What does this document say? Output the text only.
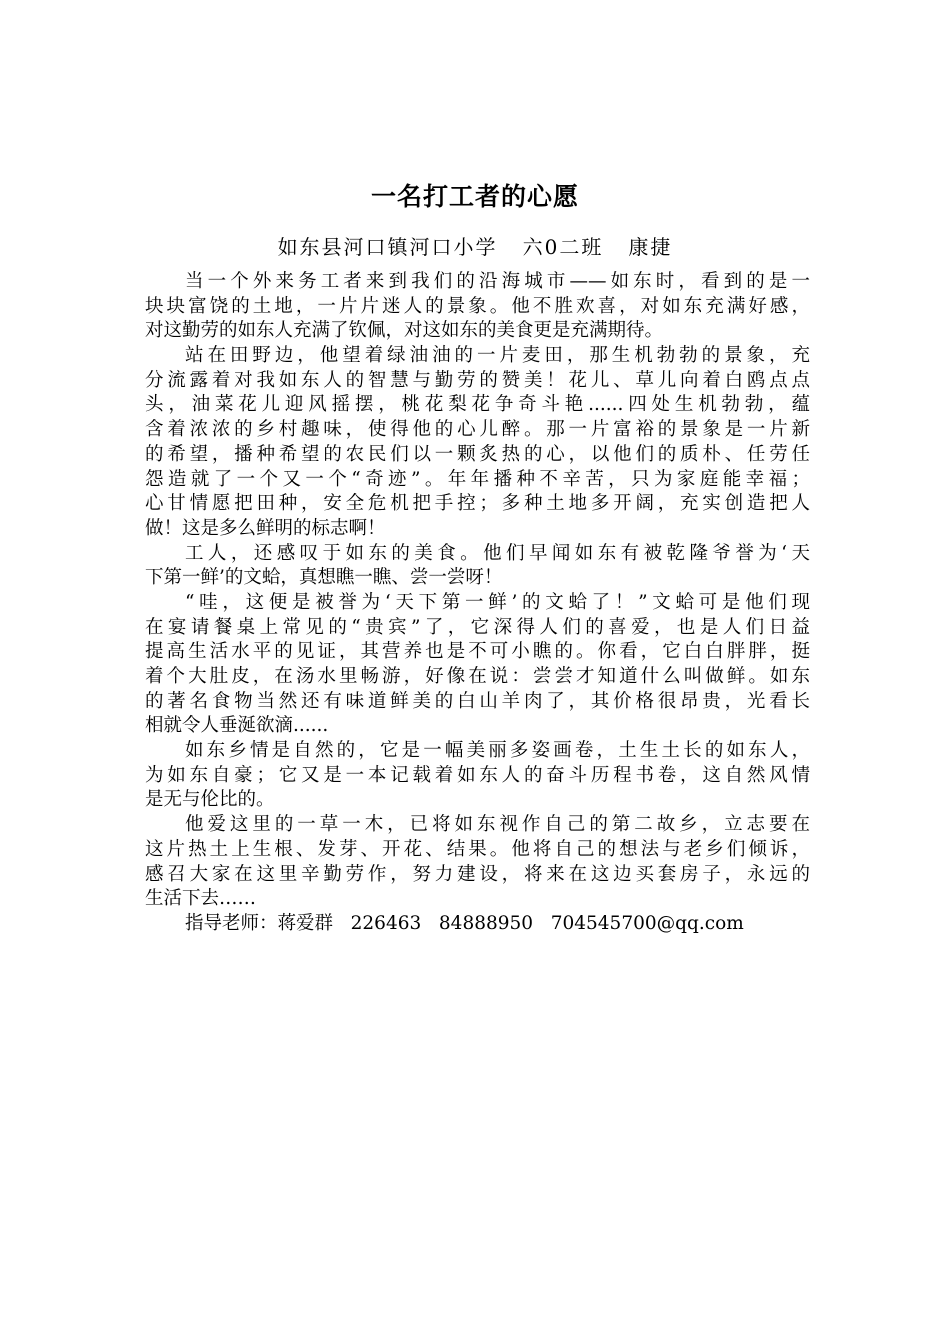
一名打工者的心愿
如东县河口镇河口小学   六0二班   康捷
当一个外来务工者来到我们的沿海城市——如东时，看到的是一
块块富饶的土地，一片片迷人的景象。他不胜欢喜，对如东充满好感，
对这勤劳的如东人充满了钦佩，对这如东的美食更是充满期待。
站在田野边，他望着绿油油的一片麦田，那生机勃勃的景象，充
分流露着对我如东人的智慧与勤劳的赞美！花儿、草儿向着白鸥点点
头，油菜花儿迎风摇摆，桃花梨花争奇斗艳......四处生机勃勃，蕴
含着浓浓的乡村趣味，使得他的心儿醉。那一片富裕的景象是一片新
的希望，播种希望的农民们以一颗炙热的心，以他们的质朴、任劳任
怨造就了一个又一个“奇迹”。年年播种不辛苦，只为家庭能幸福；
心甘情愿把田种，安全危机把手控；多种土地多开阔，充实创造把人
做！这是多么鲜明的标志啊！
工人，还感叹于如东的美食。他们早闻如东有被乾隆爷誉为‘天
下第一鲜’的文蛤，真想瞧一瞧、尝一尝呀！
“哇，这便是被誉为‘天下第一鲜’的文蛤了！”文蛤可是他们现
在宴请餐桌上常见的“贵宾”了，它深得人们的喜爱，也是人们日益
提高生活水平的见证，其营养也是不可小瞧的。你看，它白白胖胖，挺
着个大肚皮，在汤水里畅游，好像在说：尝尝才知道什么叫做鲜。如东
的著名食物当然还有味道鲜美的白山羊肉了，其价格很昂贵，光看长
相就令人垂涎欲滴......
如东乡情是自然的，它是一幅美丽多姿画卷，土生土长的如东人，
为如东自豪；它又是一本记载着如东人的奋斗历程书卷，这自然风情
是无与伦比的。
他爱这里的一草一木，已将如东视作自己的第二故乡，立志要在
这片热土上生根、发芽、开花、结果。他将自己的想法与老乡们倾诉，
感召大家在这里辛勤劳作，努力建设，将来在这边买套房子，永远的
生活下去……
指导老师：蒋爱群   226463   84888950   704545700@qq.com
